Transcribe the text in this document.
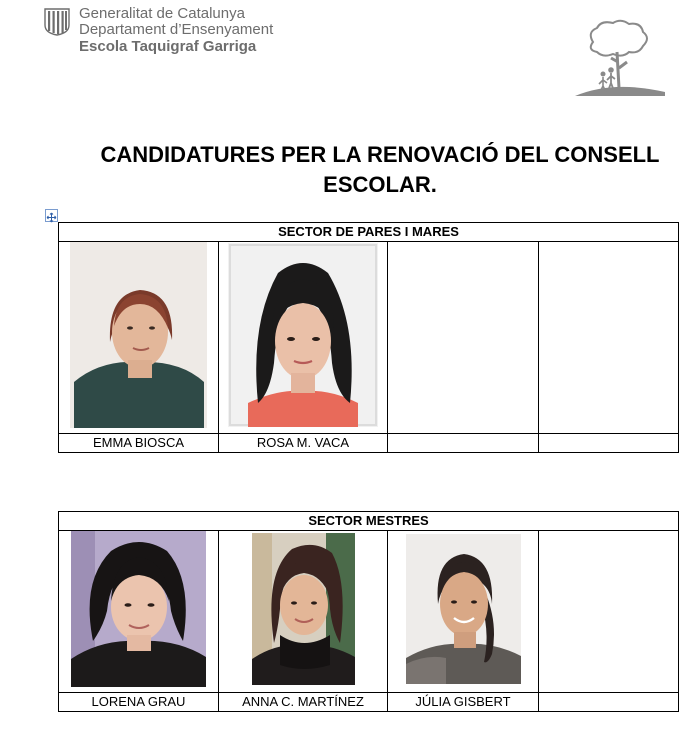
Generalitat de Catalunya
Departament d’Ensenyament
Escola Taquigraf Garriga
CANDIDATURES PER LA RENOVACIÓ DEL CONSELL ESCOLAR.
SECTOR DE PARES I MARES			

EMMA BIOSCA	ROSA M. VACA		
SECTOR MESTRES			

LORENA GRAU	ANNA C. MARTÍNEZ	JÚLIA GISBERT	
